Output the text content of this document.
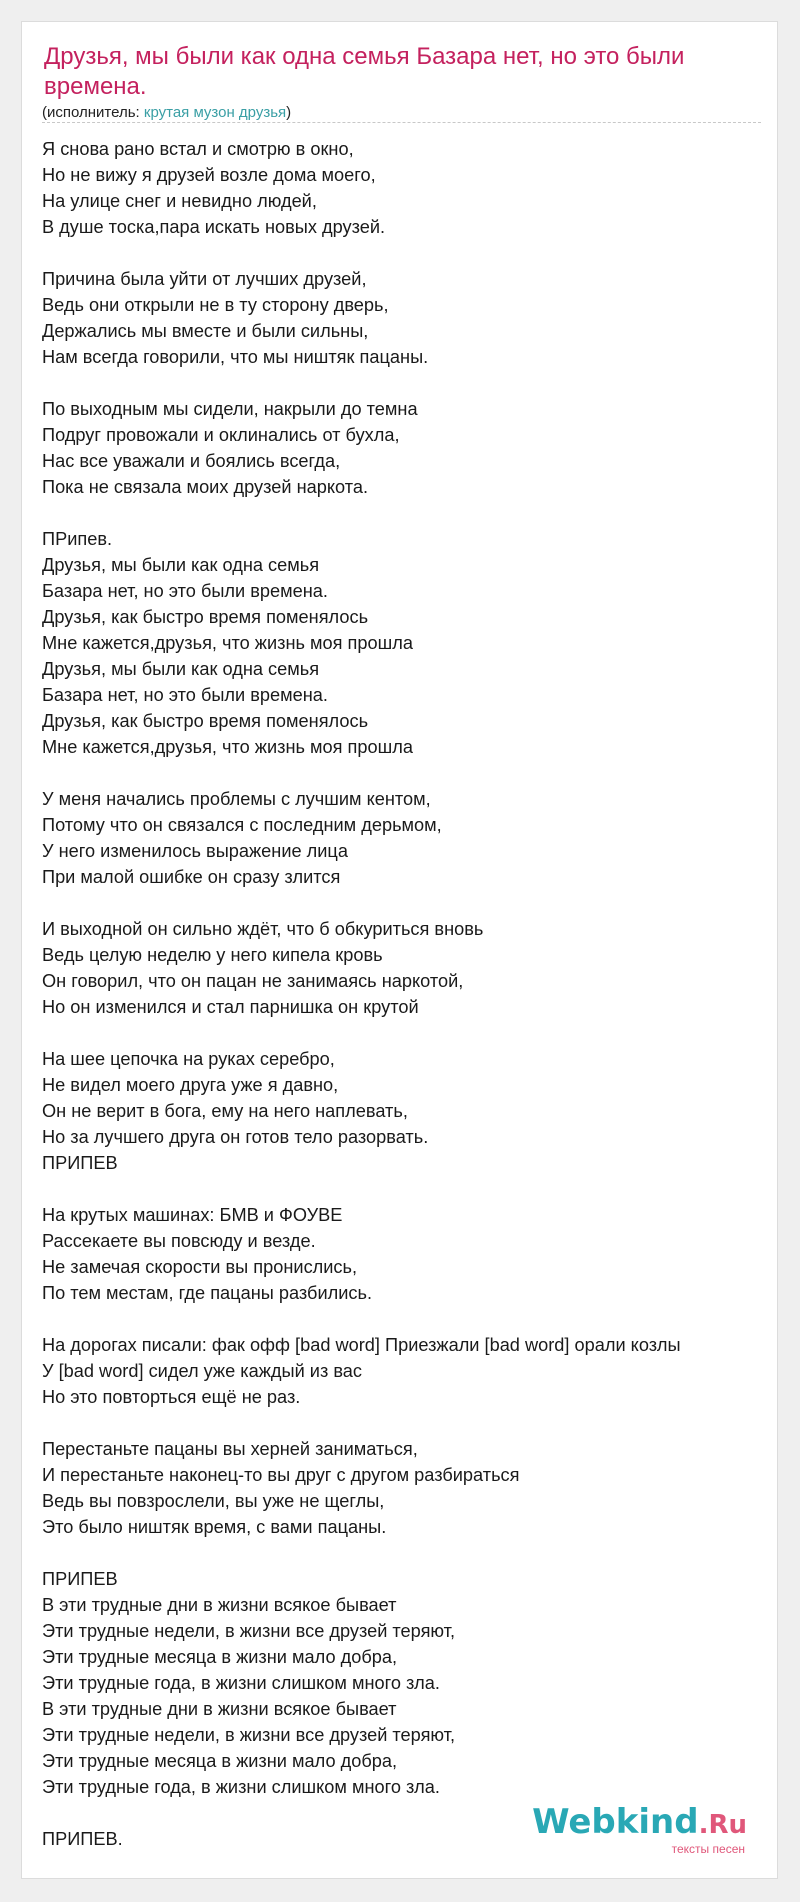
Друзья, мы были как одна семья Базара нет, но это были времена.
(исполнитель: крутая музон друзья)
Я снова рано встал и смотрю в окно,
Но не вижу я друзей возле дома моего,
На улице снег и невидно людей,
В душе тоска,пара искать новых друзей.
Причина была уйти от лучших друзей,
Ведь они открыли не в ту сторону дверь,
Держались мы вместе и были сильны,
Нам всегда говорили, что мы ништяк пацаны.
По выходным мы сидели, накрыли до темна
Подруг провожали и оклинались от бухла,
Нас все уважали и боялись всегда,
Пока не связала моих друзей наркота.
ПРипев.
Друзья, мы были как одна семья
Базара нет, но это были времена.
Друзья, как быстро время поменялось
Мне кажется,друзья, что жизнь моя прошла
Друзья, мы были как одна семья
Базара нет, но это были времена.
Друзья, как быстро время поменялось
Мне кажется,друзья, что жизнь моя прошла
У меня начались проблемы с лучшим кентом,
Потому что он связался с последним дерьмом,
У него изменилось выражение лица
При малой ошибке он сразу злится
И выходной он сильно ждёт, что б обкуриться вновь
Ведь целую неделю у него кипела кровь
Он говорил, что он пацан не занимаясь наркотой,
Но он изменился и стал парнишка он крутой
На шее цепочка на руках серебро,
Не видел моего друга уже я давно,
Он не верит в бога, ему на него наплевать,
Но за лучшего друга он готов тело разорвать.
ПРИПЕВ
На крутых машинах: БМВ и ФОУВЕ
Рассекаете вы повсюду и везде.
Не замечая скорости вы пронислись,
По тем местам, где пацаны разбились.
На дорогах писали: фак офф [bad word] Приезжали [bad word] орали козлы
У [bad word] сидел уже каждый из вас
Но это повторться ещё не раз.
Перестаньте пацаны вы херней заниматься,
И перестаньте наконец-то вы друг с другом разбираться
Ведь вы повзрослели, вы уже не щеглы,
Это было ништяк время, с вами пацаны.
ПРИПЕВ
В эти трудные дни в жизни всякое бывает
Эти трудные недели, в жизни все друзей теряют,
Эти трудные месяца в жизни мало добра,
Эти трудные года, в жизни слишком много зла.
В эти трудные дни в жизни всякое бывает
Эти трудные недели, в жизни все друзей теряют,
Эти трудные месяца в жизни мало добра,
Эти трудные года, в жизни слишком много зла.
ПРИПЕВ.	Webkind.Ru
тексты песен
